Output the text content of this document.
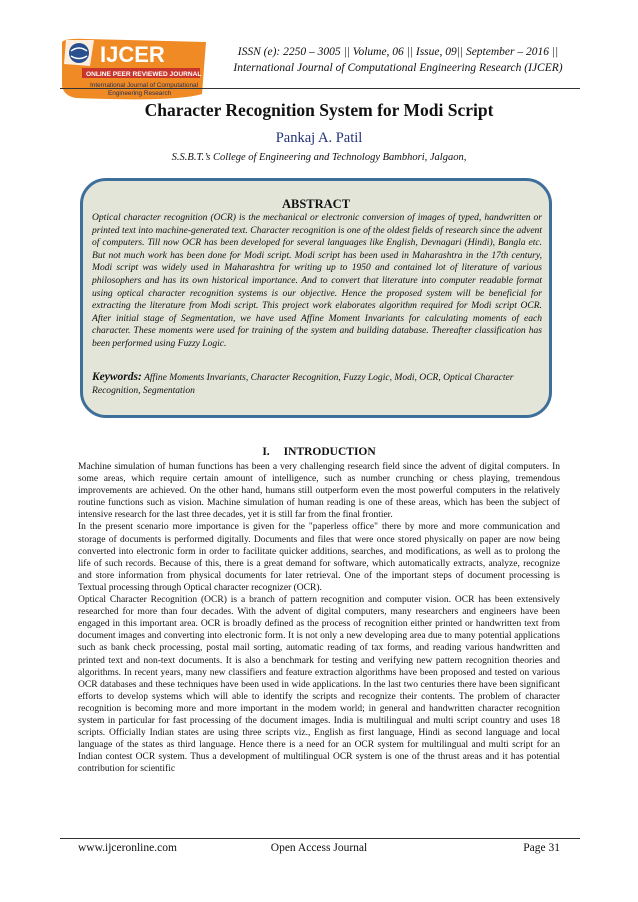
IJCER
ONLINE PEER REVIEWED JOURNAL
International Journal of Computational
Engineering Research
ISSN (e): 2250 – 3005 || Volume, 06 || Issue, 09|| September – 2016 ||
International Journal of Computational Engineering Research (IJCER)
Character Recognition System for Modi Script
Pankaj A. Patil
S.S.B.T.’s College of Engineering and Technology Bambhori, Jalgaon,
ABSTRACT
Optical character recognition (OCR) is the mechanical or electronic conversion of images of typed, handwritten or printed text into machine-generated text. Character recognition is one of the oldest fields of research since the advent of computers. Till now OCR has been developed for several languages like English, Devnagari (Hindi), Bangla etc. But not much work has been done for Modi script. Modi script has been used in Maharashtra in the 17th century, Modi script was widely used in Maharashtra for writing up to 1950 and contained lot of literature of various philosophers and has its own historical importance. And to convert that literature into computer readable format using optical character recognition systems is our objective. Hence the proposed system will be beneficial for extracting the literature from Modi script. This project work elaborates algorithm required for Modi script OCR. After initial stage of Segmentation, we have used Affine Moment Invariants for calculating moments of each character. These moments were used for training of the system and building database. Thereafter classification has been performed using Fuzzy Logic.
Keywords: Affine Moments Invariants, Character Recognition, Fuzzy Logic, Modi, OCR, Optical Character Recognition, Segmentation
I. INTRODUCTION

Machine simulation of human functions has been a very challenging research field since the advent of digital computers. In some areas, which require certain amount of intelligence, such as number crunching or chess playing, tremendous improvements are achieved. On the other hand, humans still outperform even the most powerful computers in the relatively routine functions such as vision. Machine simulation of human reading is one of these areas, which has been the subject of intensive research for the last three decades, yet it is still far from the final frontier.

In the present scenario more importance is given for the "paperless office" there by more and more communication and storage of documents is performed digitally. Documents and files that were once stored physically on paper are now being converted into electronic form in order to facilitate quicker additions, searches, and modifications, as well as to prolong the life of such records. Because of this, there is a great demand for software, which automatically extracts, analyze, recognize and store information from physical documents for later retrieval. One of the important steps of document processing is Textual processing through Optical character recognizer (OCR).

Optical Character Recognition (OCR) is a branch of pattern recognition and computer vision. OCR has been extensively researched for more than four decades. With the advent of digital computers, many researchers and engineers have been engaged in this important area. OCR is broadly defined as the process of recognition either printed or handwritten text from document images and converting into electronic form. It is not only a new developing area due to many potential applications such as bank check processing, postal mail sorting, automatic reading of tax forms, and reading various handwritten and printed text and non-text documents. It is also a benchmark for testing and verifying new pattern recognition theories and algorithms. In recent years, many new classifiers and feature extraction algorithms have been proposed and tested on various OCR databases and these techniques have been used in wide applications. In the last two centuries there have been significant efforts to develop systems which will able to identify the scripts and recognize their contents. The problem of character recognition is becoming more and more important in the modem world; in general and handwritten character recognition system in particular for fast processing of the document images. India is multilingual and multi script country and uses 18 scripts. Officially Indian states are using three scripts viz., English as first language, Hindi as second language and local language of the states as third language. Hence there is a need for an OCR system for multilingual and multi script for an Indian contest OCR system. Thus a development of multilingual OCR system is one of the thrust areas and it has potential contribution for scientific

www.ijceronline.com	Open Access Journal	Page 31
